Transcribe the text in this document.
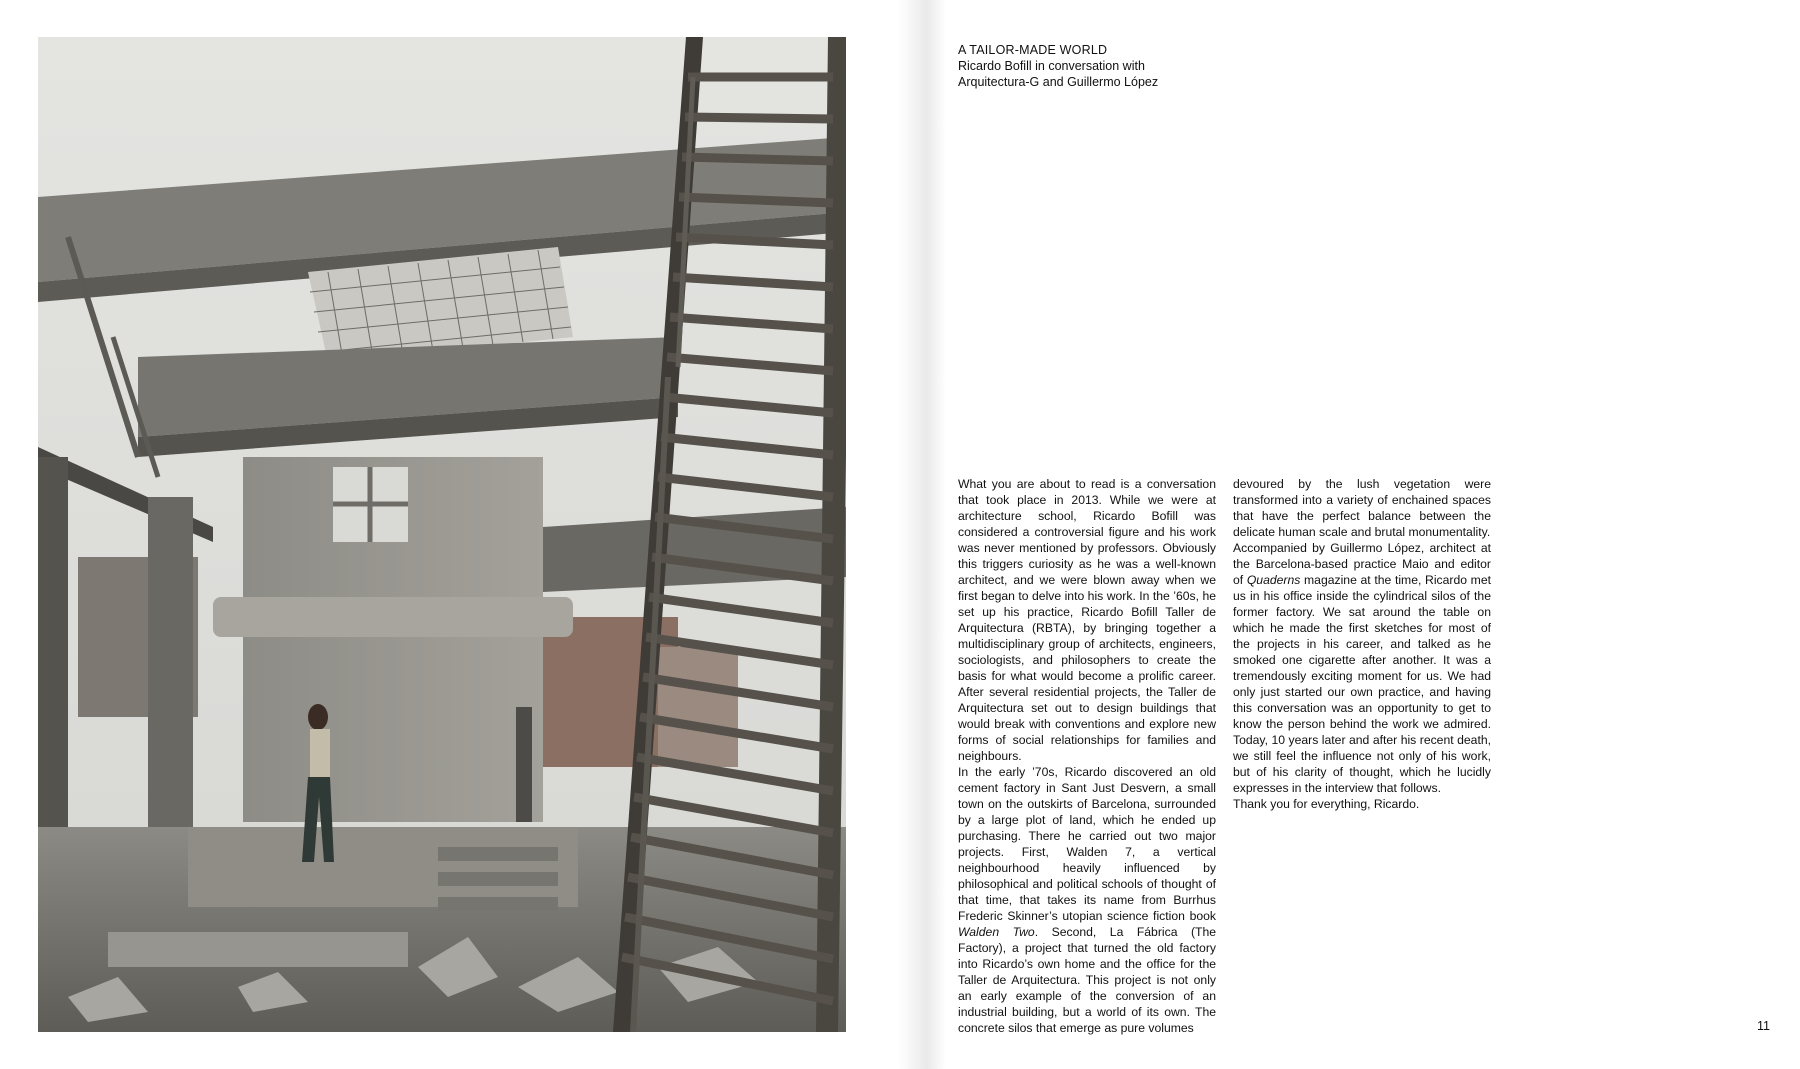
A TAILOR-MADE WORLD
Ricardo Bofill in conversation with
Arquitectura-G and Guillermo López

What you are about to read is a conversation that took place in 2013. While we were at architecture school, Ricardo Bofill was considered a controversial figure and his work was never mentioned by professors. Obviously this triggers curiosity as he was a well-known architect, and we were blown away when we first began to delve into his work. In the ’60s, he set up his practice, Ricardo Bofill Taller de Arquitectura (RBTA), by bringing together a multidisciplinary group of architects, engineers, sociologists, and philosophers to create the basis for what would become a prolific career. After several residential projects, the Taller de Arquitectura set out to design buildings that would break with conventions and explore new forms of social relationships for families and neighbours.

In the early ’70s, Ricardo discovered an old cement factory in Sant Just Desvern, a small town on the outskirts of Barcelona, surrounded by a large plot of land, which he ended up purchasing. There he carried out two major projects. First, Walden 7, a vertical neighbourhood heavily influenced by philosophical and political schools of thought of that time, that takes its name from Burrhus Frederic Skinner’s utopian science fiction book Walden Two. Second, La Fábrica (The Factory), a project that turned the old factory into Ricardo’s own home and the office for the Taller de Arquitectura. This project is not only an early example of the conversion of an industrial building, but a world of its own. The concrete silos that emerge as pure volumes

devoured by the lush vegetation were transformed into a variety of enchained spaces that have the perfect balance between the delicate human scale and brutal monumentality.

Accompanied by Guillermo López, architect at the Barcelona-based practice Maio and editor of Quaderns magazine at the time, Ricardo met us in his office inside the cylindrical silos of the former factory. We sat around the table on which he made the first sketches for most of the projects in his career, and talked as he smoked one cigarette after another. It was a tremendously exciting moment for us. We had only just started our own practice, and having this conversation was an opportunity to get to know the person behind the work we admired. Today, 10 years later and after his recent death, we still feel the influence not only of his work, but of his clarity of thought, which he lucidly expresses in the interview that follows.

Thank you for everything, Ricardo.

11
